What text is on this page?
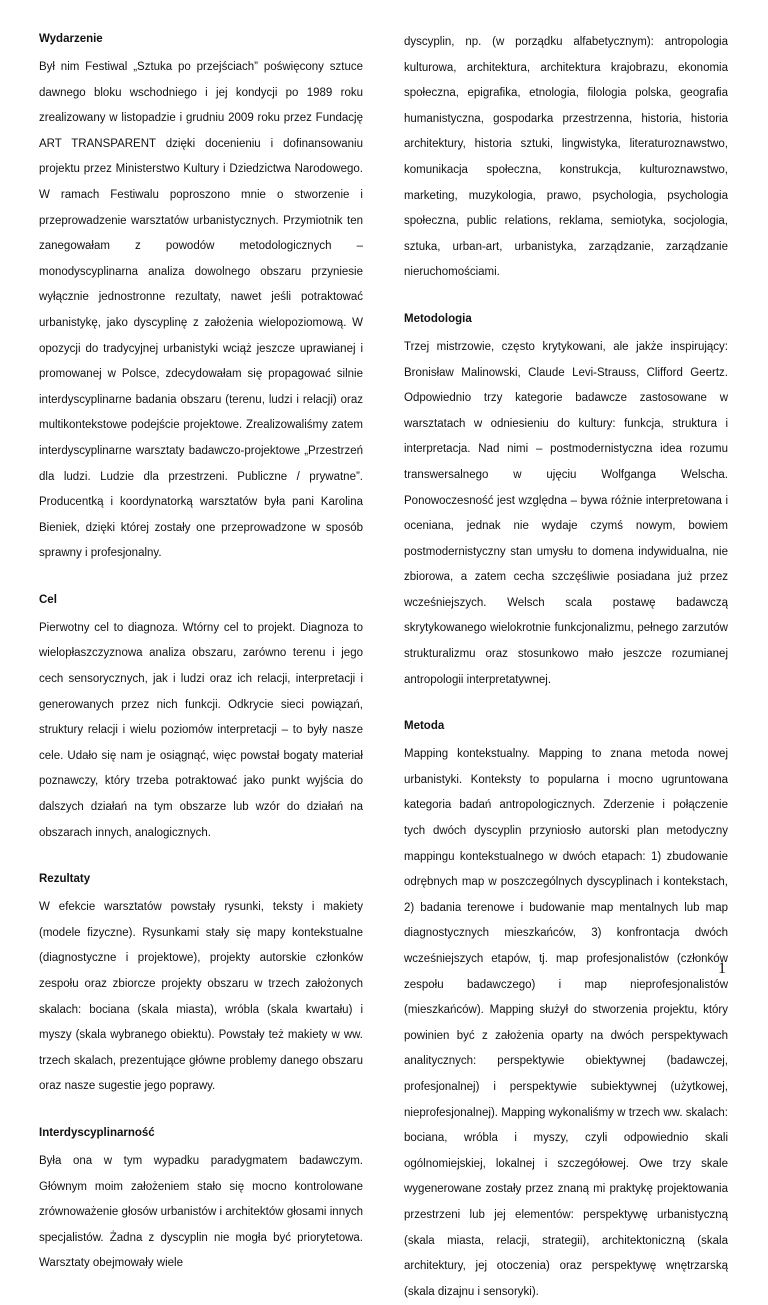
Wydarzenie

Był nim Festiwal „Sztuka po przejściach” poświęcony sztuce dawnego bloku wschodniego i jej kondycji po 1989 roku zrealizowany w listopadzie i grudniu 2009 roku przez Fundację ART TRANSPARENT dzięki docenieniu i dofinansowaniu projektu przez Ministerstwo Kultury i Dziedzictwa Narodowego. W ramach Festiwalu poproszono mnie o stworzenie i przeprowadzenie warsztatów urbanistycznych. Przymiotnik ten zanegowałam z powodów metodologicznych – monodyscyplinarna analiza dowolnego obszaru przyniesie wyłącznie jednostronne rezultaty, nawet jeśli potraktować urbanistykę, jako dyscyplinę z założenia wielopoziomową. W opozycji do tradycyjnej urbanistyki wciąż jeszcze uprawianej i promowanej w Polsce, zdecydowałam się propagować silnie interdyscyplinarne badania obszaru (terenu, ludzi i relacji) oraz multikontekstowe podejście projektowe. Zrealizowaliśmy zatem interdyscyplinarne warsztaty badawczo-projektowe „Przestrzeń dla ludzi. Ludzie dla przestrzeni. Publiczne / prywatne”. Producentką i koordynatorką warsztatów była pani Karolina Bieniek, dzięki której zostały one przeprowadzone w sposób sprawny i profesjonalny.

Cel

Pierwotny cel to diagnoza. Wtórny cel to projekt. Diagnoza to wielopłaszczyznowa analiza obszaru, zarówno terenu i jego cech sensorycznych, jak i ludzi oraz ich relacji, interpretacji i generowanych przez nich funkcji. Odkrycie sieci powiązań, struktury relacji i wielu poziomów interpretacji – to były nasze cele. Udało się nam je osiągnąć, więc powstał bogaty materiał poznawczy, który trzeba potraktować jako punkt wyjścia do dalszych działań na tym obszarze lub wzór do działań na obszarach innych, analogicznych.

Rezultaty

W efekcie warsztatów powstały rysunki, teksty i makiety (modele fizyczne). Rysunkami stały się mapy kontekstualne (diagnostyczne i projektowe), projekty autorskie członków zespołu oraz zbiorcze projekty obszaru w trzech założonych skalach: bociana (skala miasta), wróbla (skala kwartału) i myszy (skala wybranego obiektu). Powstały też makiety w ww. trzech skalach, prezentujące główne problemy danego obszaru oraz nasze sugestie jego poprawy.

Interdyscyplinarność

Była ona w tym wypadku paradygmatem badawczym. Głównym moim założeniem stało się mocno kontrolowane zrównoważenie głosów urbanistów i architektów głosami innych specjalistów. Żadna z dyscyplin nie mogła być priorytetowa. Warsztaty obejmowały wiele

dyscyplin, np. (w porządku alfabetycznym): antropologia kulturowa, architektura, architektura krajobrazu, ekonomia społeczna, epigrafika, etnologia, filologia polska, geografia humanistyczna, gospodarka przestrzenna, historia, historia architektury, historia sztuki, lingwistyka, literaturoznawstwo, komunikacja społeczna, konstrukcja, kulturoznawstwo, marketing, muzykologia, prawo, psychologia, psychologia społeczna, public relations, reklama, semiotyka, socjologia, sztuka, urban-art, urbanistyka, zarządzanie, zarządzanie nieruchomościami.

Metodologia

Trzej mistrzowie, często krytykowani, ale jakże inspirujący: Bronisław Malinowski, Claude Levi-Strauss, Clifford Geertz. Odpowiednio trzy kategorie badawcze zastosowane w warsztatach w odniesieniu do kultury: funkcja, struktura i interpretacja. Nad nimi – postmodernistyczna idea rozumu transwersalnego w ujęciu Wolfganga Welscha. Ponowoczesność jest względna – bywa różnie interpretowana i oceniana, jednak nie wydaje czymś nowym, bowiem postmodernistyczny stan umysłu to domena indywidualna, nie zbiorowa, a zatem cecha szczęśliwie posiadana już przez wcześniejszych. Welsch scala postawę badawczą skrytykowanego wielokrotnie funkcjonalizmu, pełnego zarzutów strukturalizmu oraz stosunkowo mało jeszcze rozumianej antropologii interpretatywnej.

Metoda

Mapping kontekstualny. Mapping to znana metoda nowej urbanistyki. Konteksty to popularna i mocno ugruntowana kategoria badań antropologicznych. Zderzenie i połączenie tych dwóch dyscyplin przyniosło autorski plan metodyczny mappingu kontekstualnego w dwóch etapach: 1) zbudowanie odrębnych map w poszczególnych dyscyplinach i kontekstach, 2) badania terenowe i budowanie map mentalnych lub map diagnostycznych mieszkańców, 3) konfrontacja dwóch wcześniejszych etapów, tj. map profesjonalistów (członków zespołu badawczego) i map nieprofesjonalistów (mieszkańców). Mapping służył do stworzenia projektu, który powinien być z założenia oparty na dwóch perspektywach analitycznych: perspektywie obiektywnej (badawczej, profesjonalnej) i perspektywie subiektywnej (użytkowej, nieprofesjonalnej). Mapping wykonaliśmy w trzech ww. skalach: bociana, wróbla i myszy, czyli odpowiednio skali ogólnomiejskiej, lokalnej i szczegółowej. Owe trzy skale wygenerowane zostały przez znaną mi praktykę projektowania przestrzeni lub jej elementów: perspektywę urbanistyczną (skala miasta, relacji, strategii), architektoniczną (skala architektury, jej otoczenia) oraz perspektywę wnętrzarską (skala dizajnu i sensoryki).

1
